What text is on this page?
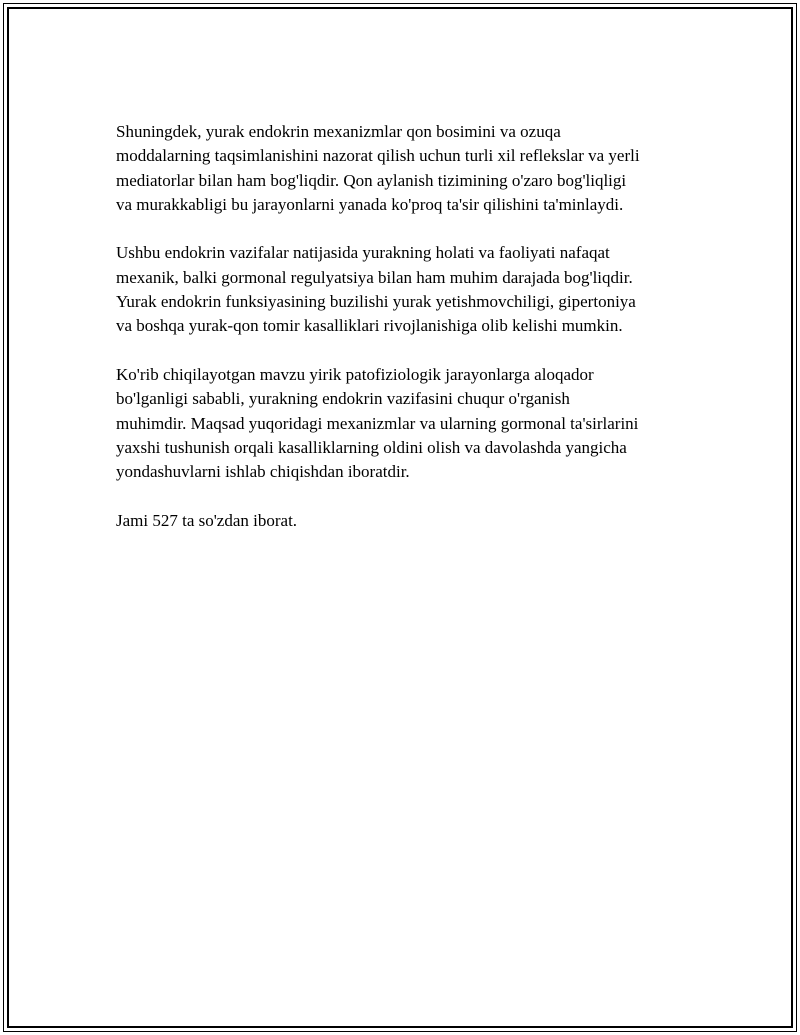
Shuningdek, yurak endokrin mexanizmlar qon bosimini va ozuqa
moddalarning taqsimlanishini nazorat qilish uchun turli xil reflekslar va yerli
mediatorlar bilan ham bog'liqdir. Qon aylanish tizimining o'zaro bog'liqligi
va murakkabligi bu jarayonlarni yanada ko'proq ta'sir qilishini ta'minlaydi.

Ushbu endokrin vazifalar natijasida yurakning holati va faoliyati nafaqat
mexanik, balki gormonal regulyatsiya bilan ham muhim darajada bog'liqdir.
Yurak endokrin funksiyasining buzilishi yurak yetishmovchiligi, gipertoniya
va boshqa yurak-qon tomir kasalliklari rivojlanishiga olib kelishi mumkin.

Ko'rib chiqilayotgan mavzu yirik patofiziologik jarayonlarga aloqador
bo'lganligi sababli, yurakning endokrin vazifasini chuqur o'rganish
muhimdir. Maqsad yuqoridagi mexanizmlar va ularning gormonal ta'sirlarini
yaxshi tushunish orqali kasalliklarning oldini olish va davolashda yangicha
yondashuvlarni ishlab chiqishdan iboratdir.

Jami 527 ta so'zdan iborat.
